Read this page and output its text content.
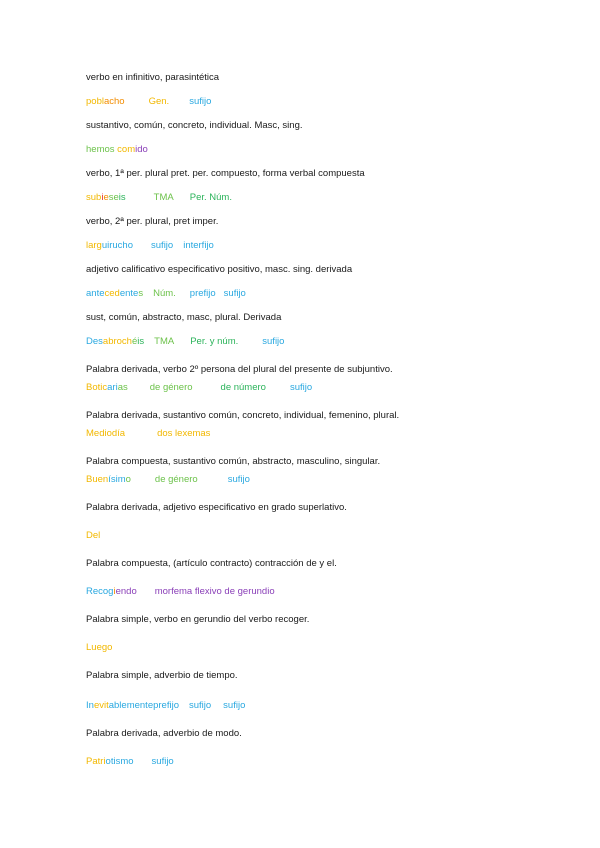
verbo en infinitivo, parasintética
poblacho	Gen. sufijo
sustantivo, común, concreto, individual. Masc, sing.
hemos comido
verbo, 1ª per. plural pret. per. compuesto, forma verbal compuesta
subieseis	TMA Per. Núm.
verbo, 2ª per. plural, pret imper.
larguirucho sufijo interfijo
adjetivo calificativo especificativo positivo, masc. sing. derivada
antecedentes Núm. prefijo sufijo
sust, común, abstracto, masc, plural. Derivada
Desabrochéis TMA Per. y núm.	sufijo
Palabra derivada, verbo 2º persona del plural del presente de subjuntivo.
Boticarias de género	de número	sufijo
Palabra derivada, sustantivo común, concreto, individual, femenino, plural.
Mediodía	dos lexemas
Palabra compuesta, sustantivo común, abstracto, masculino, singular.
Buenísimo	de género	sufijo
Palabra derivada, adjetivo especificativo en grado superlativo.
Del
Palabra compuesta, (artículo contracto) contracción de y el.
Recogiendo morfema flexivo de gerundio
Palabra simple, verbo en gerundio del verbo recoger.
Luego
Palabra simple, adverbio de tiempo.
Inevitablementeprefijo sufijo sufijo
Palabra derivada, adverbio de modo.
Patriotismo sufijo
